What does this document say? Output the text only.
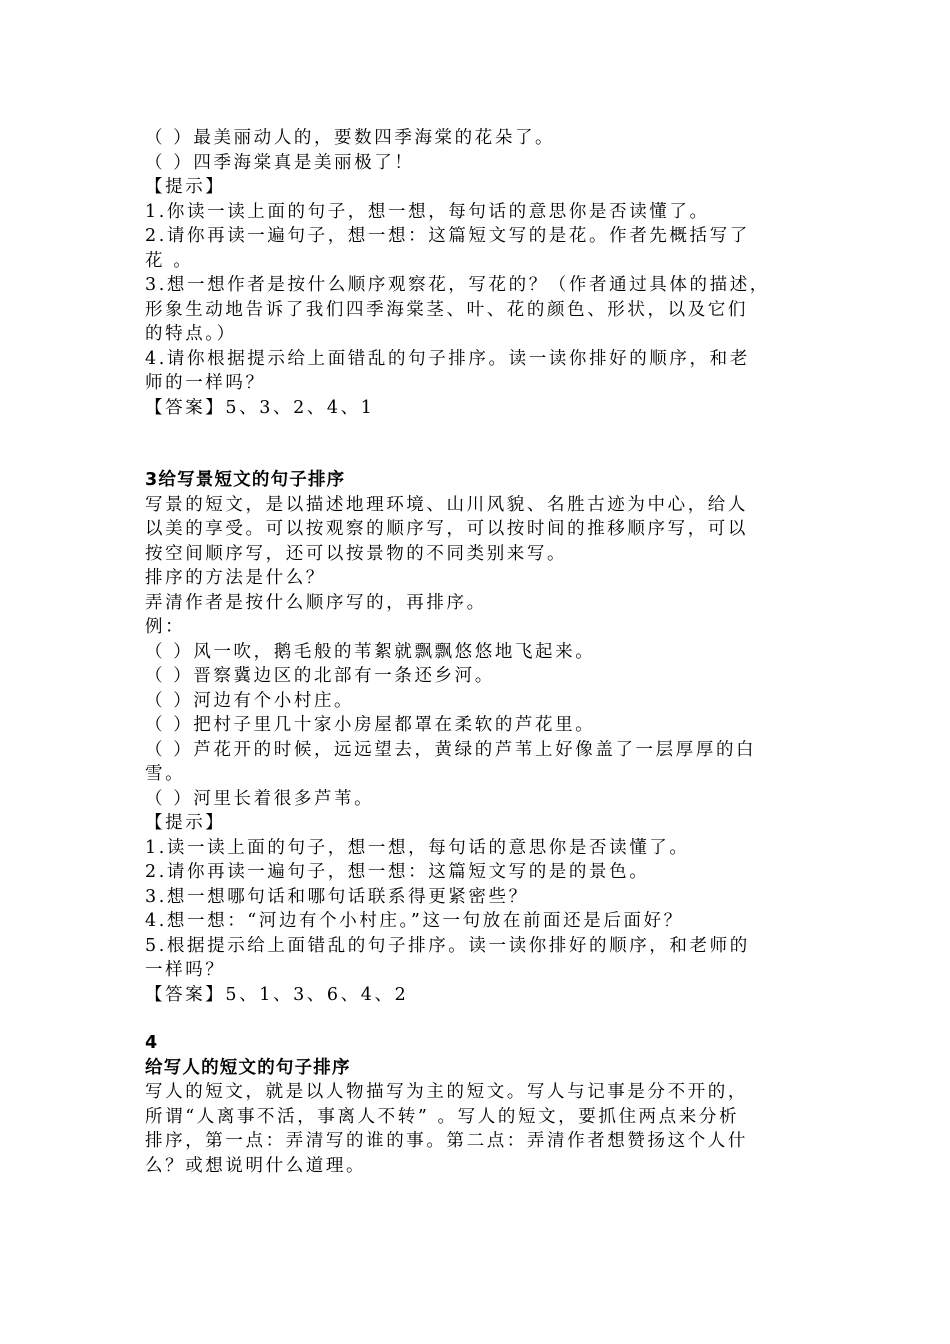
（ ）最美丽动人的，要数四季海棠的花朵了。

（ ）四季海棠真是美丽极了！

【提示】

1.你读一读上面的句子，想一想，每句话的意思你是否读懂了。

2.请你再读一遍句子，想一想：这篇短文写的是花。作者先概括写了

花 。

3.想一想作者是按什么顺序观察花，写花的？（作者通过具体的描述，

形象生动地告诉了我们四季海棠茎、叶、花的颜色、形状，以及它们

的特点。）

4.请你根据提示给上面错乱的句子排序。读一读你排好的顺序，和老

师的一样吗？

【答案】5、3、2、4、1

3给写景短文的句子排序

写景的短文，是以描述地理环境、山川风貌、名胜古迹为中心，给人

以美的享受。可以按观察的顺序写，可以按时间的推移顺序写，可以

按空间顺序写，还可以按景物的不同类别来写。

排序的方法是什么？

弄清作者是按什么顺序写的，再排序。

例：

（ ）风一吹，鹅毛般的苇絮就飘飘悠悠地飞起来。

（ ）晋察冀边区的北部有一条还乡河。

（ ）河边有个小村庄。

（ ）把村子里几十家小房屋都罩在柔软的芦花里。

（ ）芦花开的时候，远远望去，黄绿的芦苇上好像盖了一层厚厚的白

雪。

（ ）河里长着很多芦苇。

【提示】

1.读一读上面的句子，想一想，每句话的意思你是否读懂了。

2.请你再读一遍句子，想一想：这篇短文写的是的景色。

3.想一想哪句话和哪句话联系得更紧密些？

4.想一想：“河边有个小村庄。”这一句放在前面还是后面好？

5.根据提示给上面错乱的句子排序。读一读你排好的顺序，和老师的

一样吗？

【答案】5、1、3、6、4、2

4

给写人的短文的句子排序

写人的短文，就是以人物描写为主的短文。写人与记事是分不开的，

所谓“人离事不活，事离人不转” 。写人的短文，要抓住两点来分析

排序，第一点：弄清写的谁的事。第二点：弄清作者想赞扬这个人什

么？或想说明什么道理。
